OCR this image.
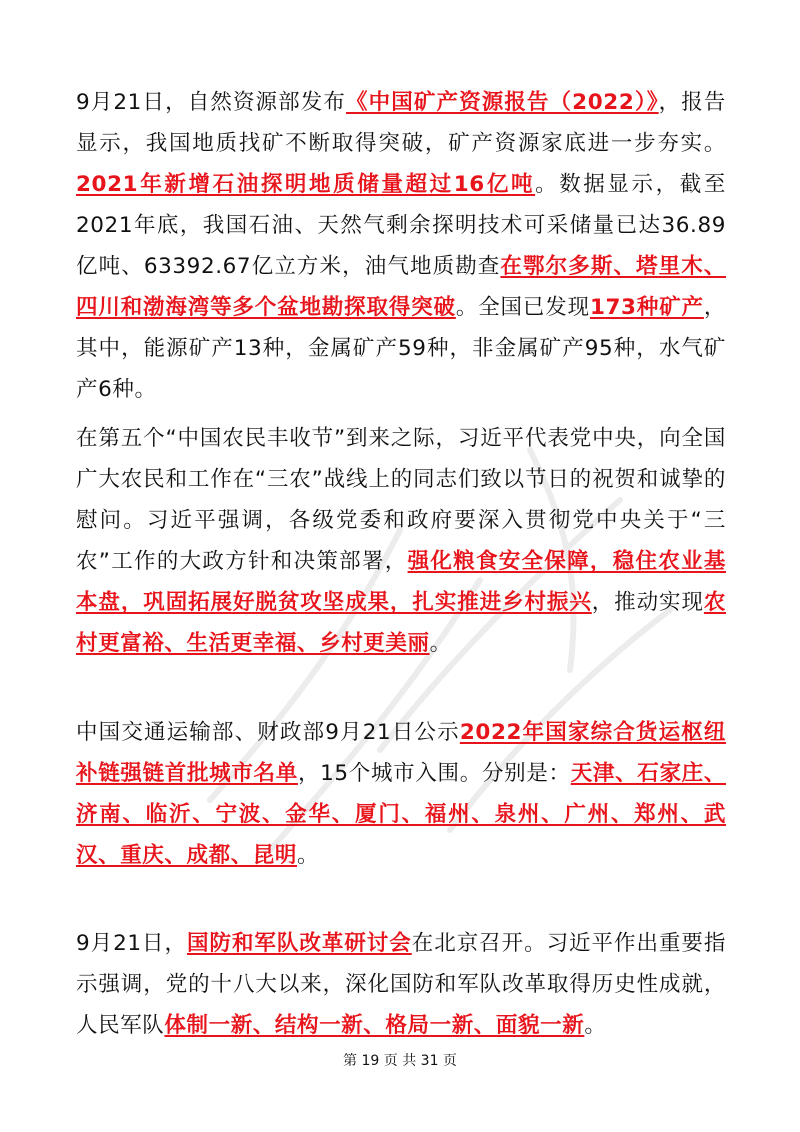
9月21日，自然资源部发布《中国矿产资源报告（2022）》，报告显示，我国地质找矿不断取得突破，矿产资源家底进一步夯实。2021年新增石油探明地质储量超过16亿吨。数据显示，截至2021年底，我国石油、天然气剩余探明技术可采储量已达36.89亿吨、63392.67亿立方米，油气地质勘查在鄂尔多斯、塔里木、四川和渤海湾等多个盆地勘探取得突破。全国已发现173种矿产，其中，能源矿产13种，金属矿产59种，非金属矿产95种，水气矿产6种。

在第五个“中国农民丰收节”到来之际，习近平代表党中央，向全国广大农民和工作在“三农”战线上的同志们致以节日的祝贺和诚挚的慰问。习近平强调，各级党委和政府要深入贯彻党中央关于“三农”工作的大政方针和决策部署，强化粮食安全保障，稳住农业基本盘，巩固拓展好脱贫攻坚成果，扎实推进乡村振兴，推动实现农村更富裕、生活更幸福、乡村更美丽。

中国交通运输部、财政部9月21日公示2022年国家综合货运枢纽补链强链首批城市名单，15个城市入围。分别是：天津、石家庄、济南、临沂、宁波、金华、厦门、福州、泉州、广州、郑州、武汉、重庆、成都、昆明。

9月21日，国防和军队改革研讨会在北京召开。习近平作出重要指示强调，党的十八大以来，深化国防和军队改革取得历史性成就，人民军队体制一新、结构一新、格局一新、面貌一新。

第 19 页 共 31 页
